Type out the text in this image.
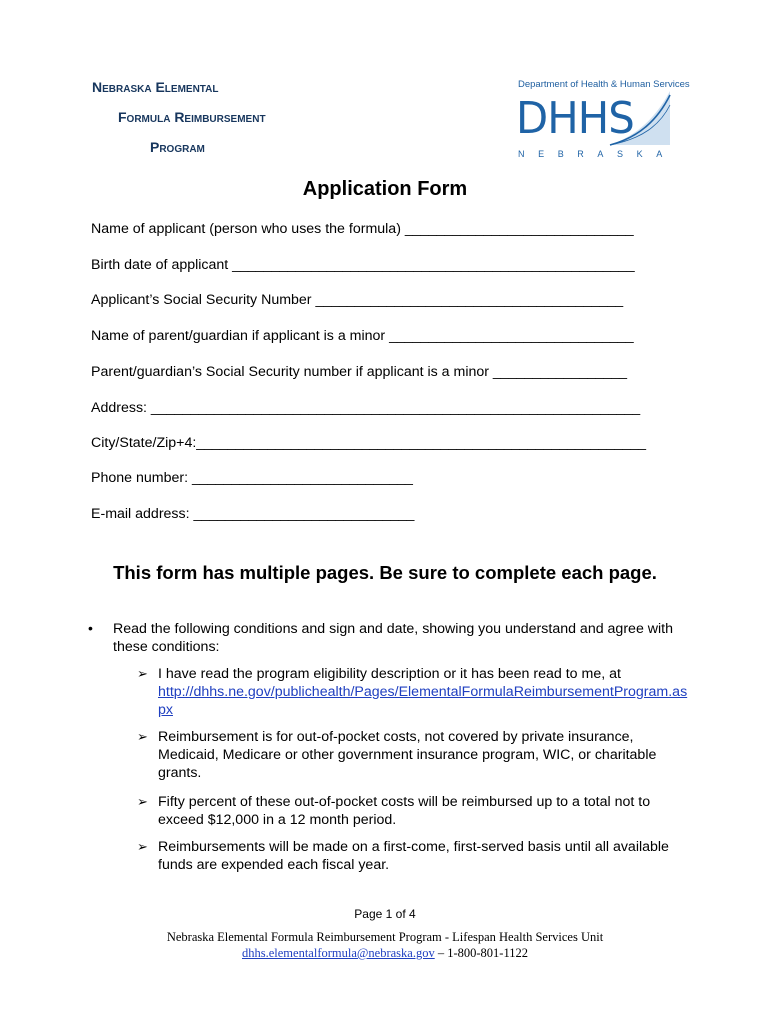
Nebraska Elemental
Formula Reimbursement
Program
Department of Health & Human Services
DHHS
NEBRASKA
Application Form
Name of applicant (person who uses the formula) _____________________________
Birth date of applicant ___________________________________________________
Applicant’s Social Security Number _______________________________________
Name of parent/guardian if applicant is a minor _______________________________
Parent/guardian’s Social Security number if applicant is a minor _________________
Address: ______________________________________________________________
City/State/Zip+4:_________________________________________________________
Phone number: ____________________________
E-mail address: ____________________________
This form has multiple pages. Be sure to complete each page.
• Read the following conditions and sign and date, showing you understand and agree with these conditions:
➢ I have read the program eligibility description or it has been read to me, at
http://dhhs.ne.gov/publichealth/Pages/ElementalFormulaReimbursementProgram.aspx
➢ Reimbursement is for out-of-pocket costs, not covered by private insurance, Medicaid, Medicare or other government insurance program, WIC, or charitable grants.
➢ Fifty percent of these out-of-pocket costs will be reimbursed up to a total not to exceed $12,000 in a 12 month period.
➢ Reimbursements will be made on a first-come, first-served basis until all available funds are expended each fiscal year.
Page 1 of 4
Nebraska Elemental Formula Reimbursement Program - Lifespan Health Services Unit
dhhs.elementalformula@nebraska.gov – 1-800-801-1122
